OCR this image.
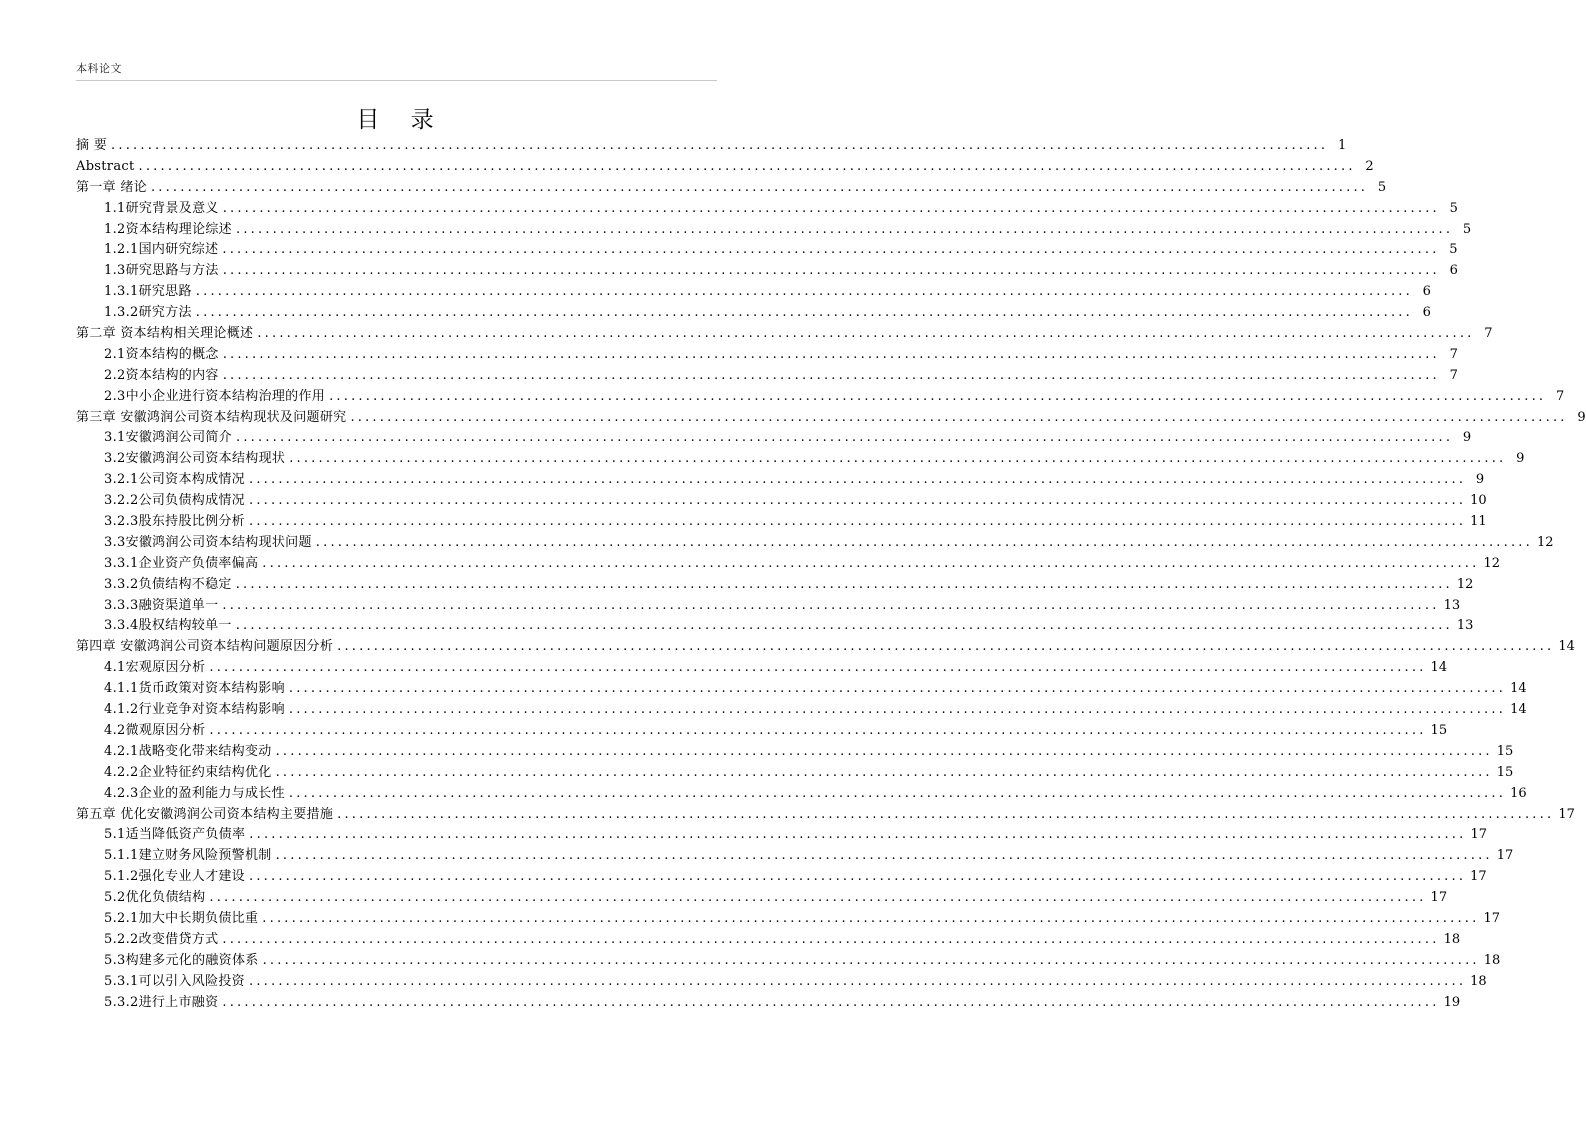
本科论文
目 录
摘 要 ...................................................................................................................................................................... 1
Abstract ...................................................................................................................................................................... 2
第一章 绪论 ...................................................................................................................................................................... 5
1.1研究背景及意义 ...................................................................................................................................................................... 5
1.2资本结构理论综述 ...................................................................................................................................................................... 5
1.2.1国内研究综述 ...................................................................................................................................................................... 5
1.3研究思路与方法 ...................................................................................................................................................................... 6
1.3.1研究思路 ...................................................................................................................................................................... 6
1.3.2研究方法 ...................................................................................................................................................................... 6
第二章 资本结构相关理论概述 ...................................................................................................................................................................... 7
2.1资本结构的概念 ...................................................................................................................................................................... 7
2.2资本结构的内容 ...................................................................................................................................................................... 7
2.3中小企业进行资本结构治理的作用 ...................................................................................................................................................................... 7
第三章 安徽鸿润公司资本结构现状及问题研究 ...................................................................................................................................................................... 9
3.1安徽鸿润公司简介 ...................................................................................................................................................................... 9
3.2安徽鸿润公司资本结构现状 ...................................................................................................................................................................... 9
3.2.1公司资本构成情况 ...................................................................................................................................................................... 9
3.2.2公司负债构成情况 ...................................................................................................................................................................... 10
3.2.3股东持股比例分析 ...................................................................................................................................................................... 11
3.3安徽鸿润公司资本结构现状问题 ...................................................................................................................................................................... 12
3.3.1企业资产负债率偏高 ...................................................................................................................................................................... 12
3.3.2负债结构不稳定 ...................................................................................................................................................................... 12
3.3.3融资渠道单一 ...................................................................................................................................................................... 13
3.3.4股权结构较单一 ...................................................................................................................................................................... 13
第四章 安徽鸿润公司资本结构问题原因分析 ...................................................................................................................................................................... 14
4.1宏观原因分析 ...................................................................................................................................................................... 14
4.1.1货币政策对资本结构影响 ...................................................................................................................................................................... 14
4.1.2行业竞争对资本结构影响 ...................................................................................................................................................................... 14
4.2微观原因分析 ...................................................................................................................................................................... 15
4.2.1战略变化带来结构变动 ...................................................................................................................................................................... 15
4.2.2企业特征约束结构优化 ...................................................................................................................................................................... 15
4.2.3企业的盈利能力与成长性 ...................................................................................................................................................................... 16
第五章 优化安徽鸿润公司资本结构主要措施 ...................................................................................................................................................................... 17
5.1适当降低资产负债率 ...................................................................................................................................................................... 17
5.1.1建立财务风险预警机制 ...................................................................................................................................................................... 17
5.1.2强化专业人才建设 ...................................................................................................................................................................... 17
5.2优化负债结构 ...................................................................................................................................................................... 17
5.2.1加大中长期负债比重 ...................................................................................................................................................................... 17
5.2.2改变借贷方式 ...................................................................................................................................................................... 18
5.3构建多元化的融资体系 ...................................................................................................................................................................... 18
5.3.1可以引入风险投资 ...................................................................................................................................................................... 18
5.3.2进行上市融资 ...................................................................................................................................................................... 19
